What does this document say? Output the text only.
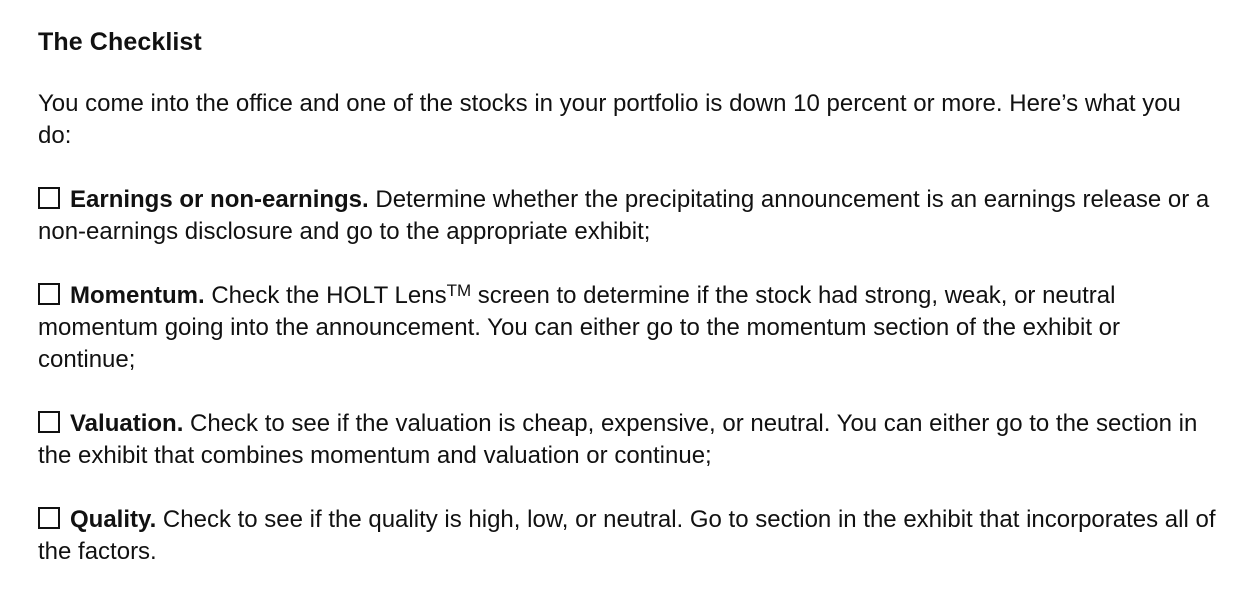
The Checklist
You come into the office and one of the stocks in your portfolio is down 10 percent or more. Here’s what you do:
Earnings or non-earnings. Determine whether the precipitating announcement is an earnings release or a non-earnings disclosure and go to the appropriate exhibit;
Momentum. Check the HOLT Lens™ screen to determine if the stock had strong, weak, or neutral momentum going into the announcement. You can either go to the momentum section of the exhibit or continue;
Valuation. Check to see if the valuation is cheap, expensive, or neutral. You can either go to the section in the exhibit that combines momentum and valuation or continue;
Quality. Check to see if the quality is high, low, or neutral. Go to section in the exhibit that incorporates all of the factors.
